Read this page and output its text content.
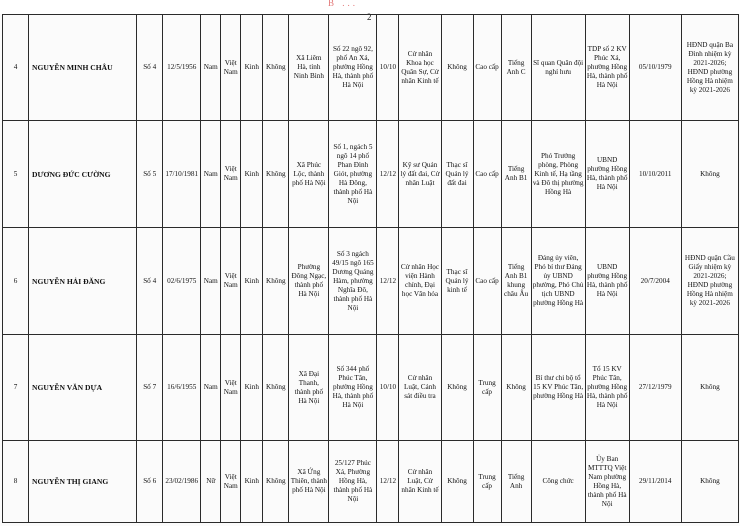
B ...
2
4	NGUYỄN MINH CHÂU	Số 4	12/5/1956	Nam	Việt Nam	Kinh	Không	Xã Liêm Hà, tỉnh Ninh Bình	Số 22 ngõ 92, phố An Xá, phường Hồng Hà, thành phố Hà Nội	10/10	Cử nhân Khoa học Quân Sự, Cử nhân Kinh tế	Không	Cao cấp	Tiếng Anh C	Sĩ quan Quân đội nghỉ hưu	TDP số 2 KV Phúc Xá, phường Hồng Hà, thành phố Hà Nội	05/10/1979	HĐND quận Ba Đình nhiệm kỳ 2021-2026; HĐND phường Hồng Hà nhiệm kỳ 2021-2026
5	DƯƠNG ĐỨC CƯỜNG	Số 5	17/10/1981	Nam	Việt Nam	Kinh	Không	Xã Phúc Lộc, thành phố Hà Nội	Số 1, ngách 5 ngõ 14 phố Phan Đình Giót, phường Hà Đông, thành phố Hà Nội	12/12	Kỹ sư Quản lý đất đai, Cử nhân Luật	Thạc sĩ Quản lý đất đai	Cao cấp	Tiếng Anh B1	Phó Trưởng phòng, Phòng Kinh tế, Hạ tầng và Đô thị phường Hồng Hà	UBND phường Hồng Hà, thành phố Hà Nội	10/10/2011	Không
6	NGUYỄN HẢI ĐĂNG	Số 4	02/6/1975	Nam	Việt Nam	Kinh	Không	Phường Đông Ngạc, thành phố Hà Nội	Số 3 ngách 49/15 ngõ 165 Dương Quảng Hàm, phường Nghĩa Đô, thành phố Hà Nội	12/12	Cử nhân Học viện Hành chính, Đại học Văn hóa	Thạc sĩ Quản lý kinh tế	Cao cấp	Tiếng Anh B1 khung châu Âu	Đảng ủy viên, Phó bí thư Đảng ủy UBND phường, Phó Chủ tịch UBND phường Hồng Hà	UBND phường Hồng Hà, thành phố Hà Nội	20/7/2004	HĐND quận Cầu Giấy nhiệm kỳ 2021-2026; HĐND phường Hồng Hà nhiệm kỳ 2021-2026
7	NGUYỄN VĂN DỰA	Số 7	16/6/1955	Nam	Việt Nam	Kinh	Không	Xã Đại Thanh, thành phố Hà Nội	Số 344 phố Phúc Tân, phường Hồng Hà, thành phố Hà Nội	10/10	Cử nhân Luật, Cảnh sát điều tra	Không	Trung cấp	Không	Bí thư chi bộ tổ 15 KV Phúc Tân, phường Hồng Hà	Tổ 15 KV Phúc Tân, phường Hồng Hà, thành phố Hà Nội	27/12/1979	Không
8	NGUYỄN THỊ GIANG	Số 6	23/02/1986	Nữ	Việt Nam	Kinh	Không	Xã Ứng Thiên, thành phố Hà Nội	25/127 Phúc Xá, Phường Hồng Hà, thành phố Hà Nội	12/12	Cử nhân Luật, Cử nhân Kinh tế	Không	Trung cấp	Tiếng Anh	Công chức	Ủy Ban MTTTQ Việt Nam phường Hồng Hà, thành phố Hà Nội	29/11/2014	Không
